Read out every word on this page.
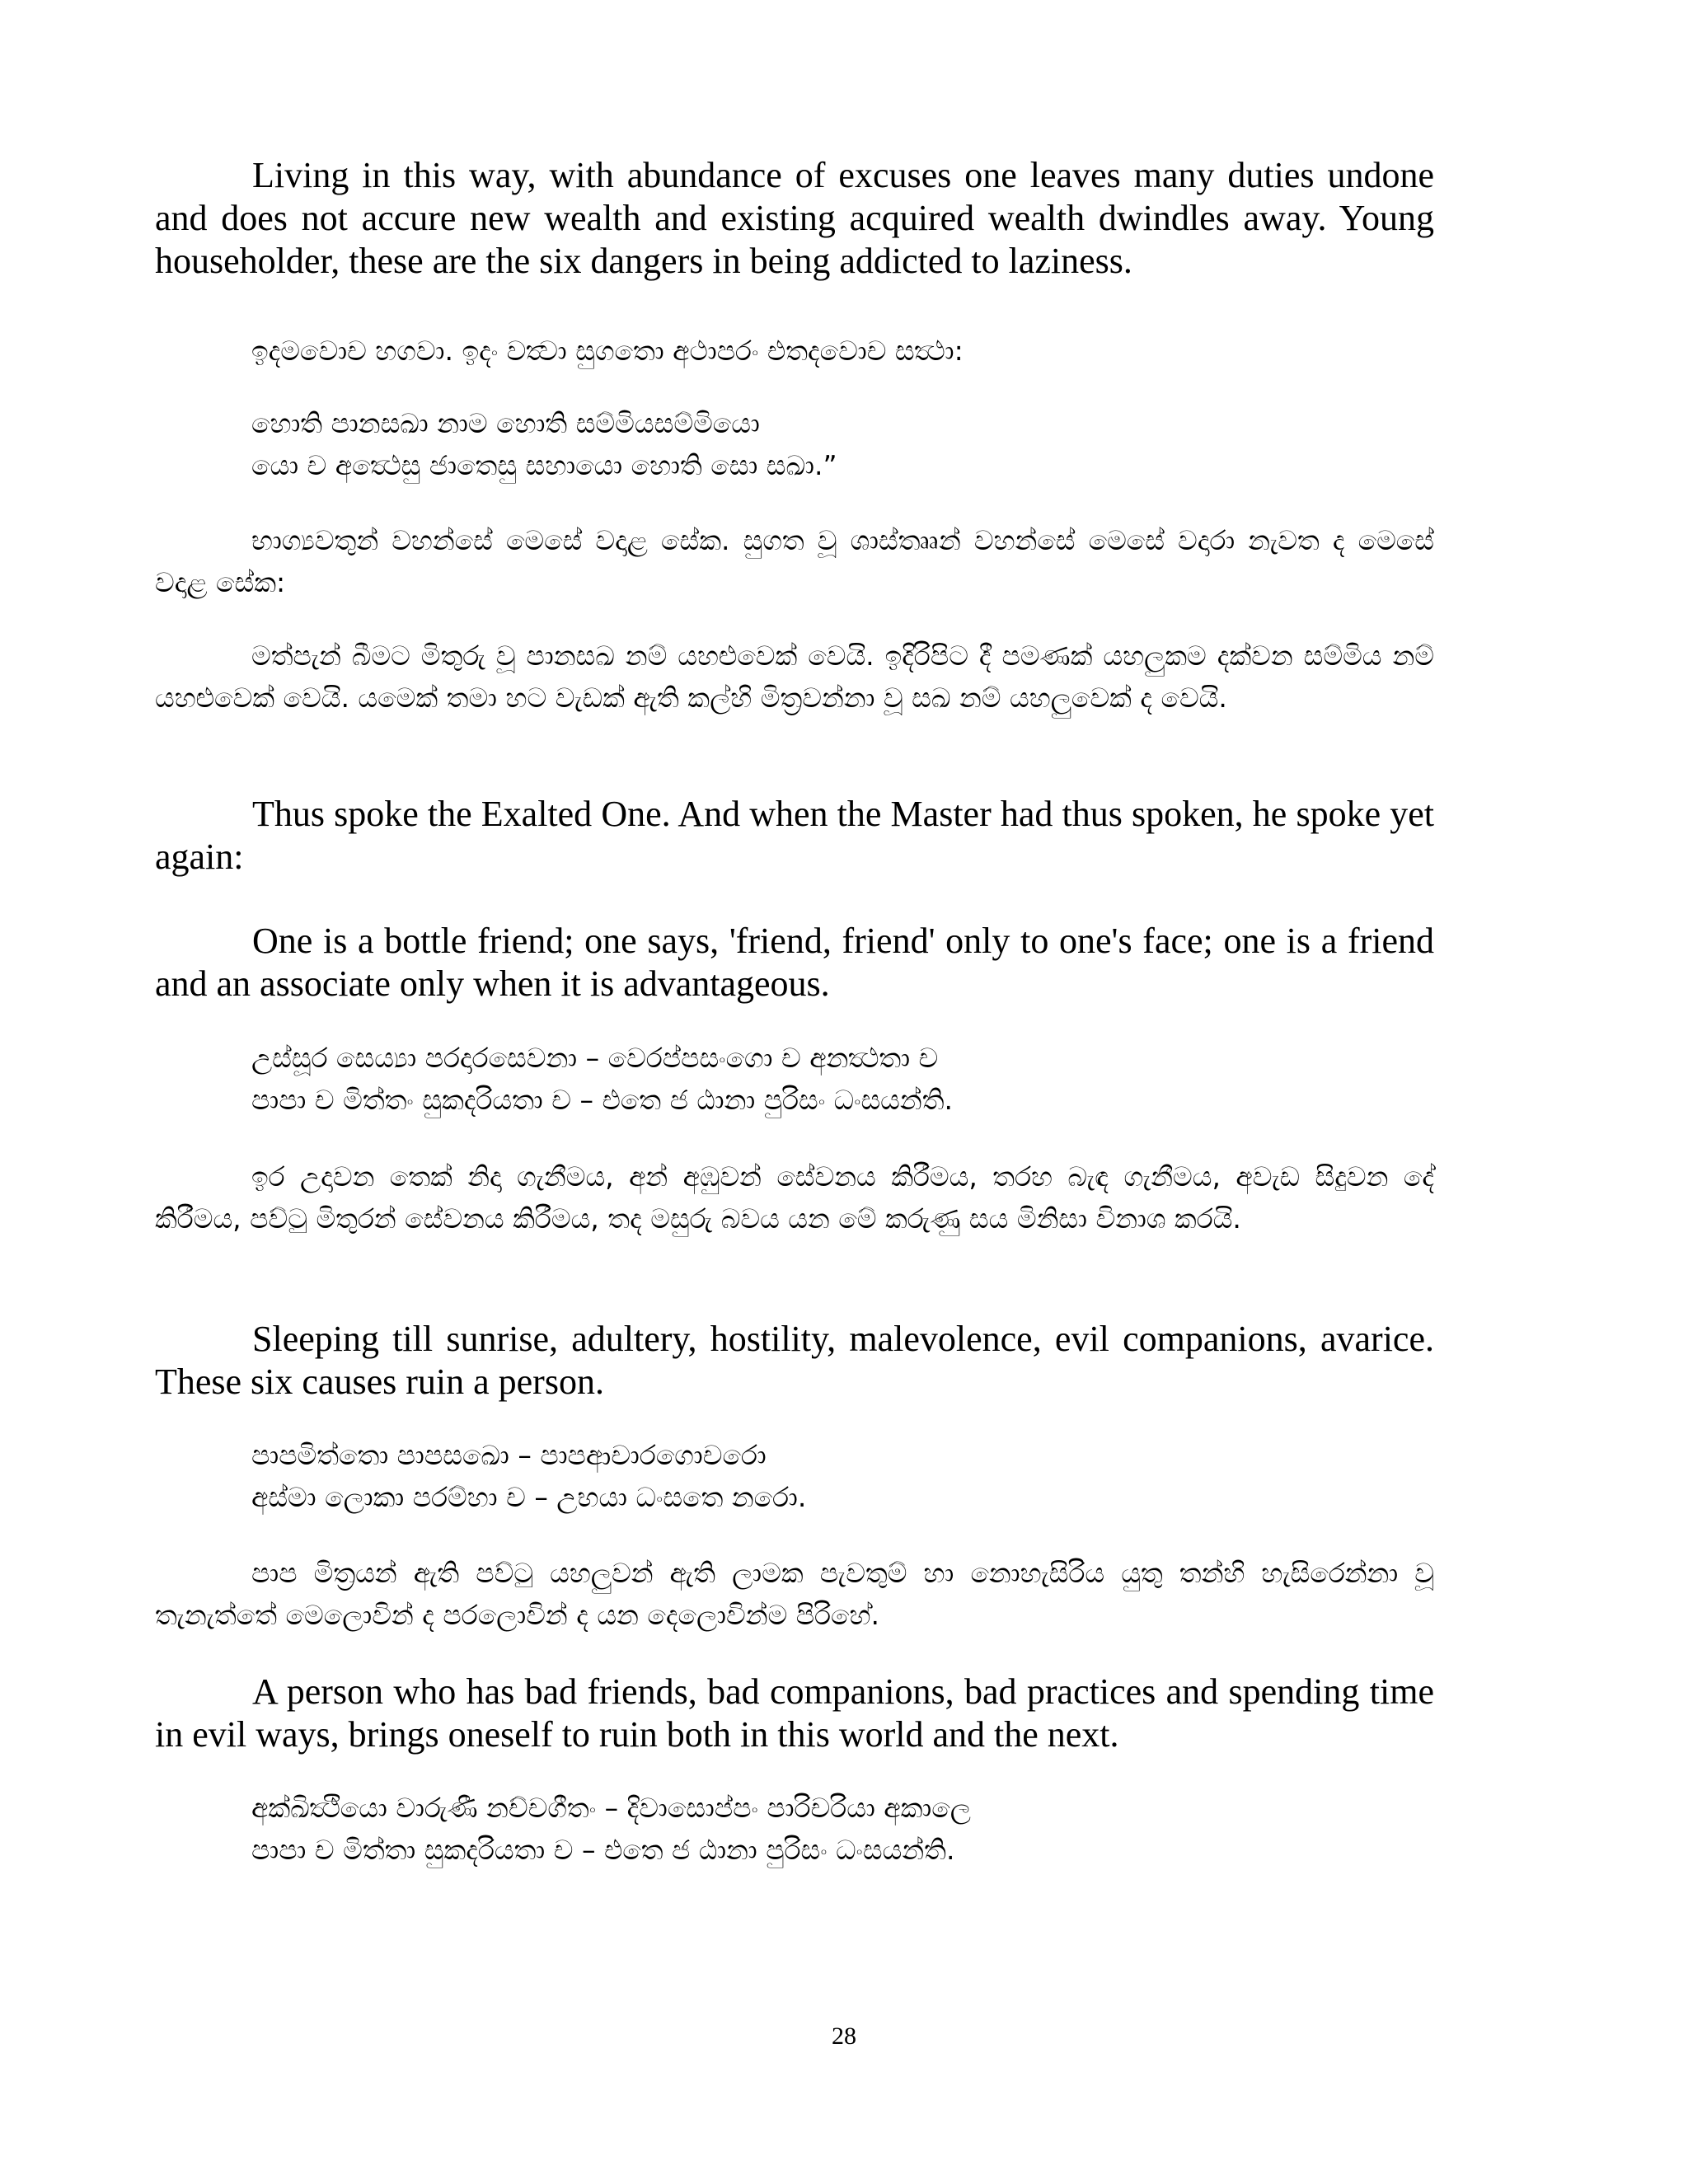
Living in this way, with abundance of excuses one leaves many duties undone and does not accure new wealth and existing acquired wealth dwindles away. Young householder, these are the six dangers in being addicted to laziness.

ඉදමවොච හගවා. ඉදං වත්‍වා සුගතො අථාපරං එතදවොච සත්‍ථා:
හොති පානසඛා නාම හොති සම්මියසම්මියො
යො ච අත්‍ථෙසු ජාතෙසු සහායො හොති සො සඛා.”

භාග්‍යවතුන් වහන්සේ මෙසේ වදාළ සේක. සුගත වූ ශාස්තෲන් වහන්සේ මෙසේ වදාරා නැවත ද මෙසේ වදාළ සේක:

මත්පැන් බීමට මිතුරු වූ පානසඛ නම් යහළුවෙක් වෙයි. ඉදිරිපිට දී පමණක් යහලුකම දක්වන සම්මිය නම් යහළුවෙක් වෙයි. යමෙක් තමා හට වැඩක් ඇති කල්හි මිත්‍රවන්නා වූ සඛ නම් යහලුවෙක් ද වෙයි.

Thus spoke the Exalted One. And when the Master had thus spoken, he spoke yet again:

One is a bottle friend; one says, 'friend, friend' only to one's face; one is a friend and an associate only when it is advantageous.

උස්සූර සෙය්‍යා පරදාරසෙවනා – වෙරප්පසංගො ච අනත්‍ථතා ච
පාපා ච මිත්තං සුකදරියතා ච – එතෙ ජ ඨානා පුරිසං ධංසයන්ති.

ඉර උදාවන තෙක් නිදා ගැනීමය, අන් අඹුවන් සේවනය කිරීමය, තරහ බැඳ ගැනීමය, අවැඩ සිදුවන දේ කිරීමය, පව්ටු මිතුරන් සේවනය කිරීමය, තද මසුරු බවය යන මේ කරුණු සය මිනිසා විනාශ කරයි.

Sleeping till sunrise, adultery, hostility, malevolence, evil companions, avarice. These six causes ruin a person.

පාපමිත්තො පාපසඛො – පාපආචාරගොචරො
අස්මා ලොකා පරම්හා ච – උභයා ධංසතෙ නරො.

පාප මිත්‍රයන් ඇති පව්ටු යහලුවන් ඇති ලාමක පැවතුම් හා නොහැසිරිය යුතු තන්හි හැසිරෙන්නා වූ තැනැත්තේ මෙලොවින් ද පරලොවින් ද යන දෙලොවින්ම පිරිහේ.

A person who has bad friends, bad companions, bad practices and spending time in evil ways, brings oneself to ruin both in this world and the next.

අක්ඛිත්‍ථියො වාරුණී නච්චගීතං – දිවාසොප්පං පාරිචරියා අකාලෙ
පාපා ච මිත්තා සුකදරියතා ච – එතෙ ජ ඨානා පුරිසං ධංසයන්ති.
28
